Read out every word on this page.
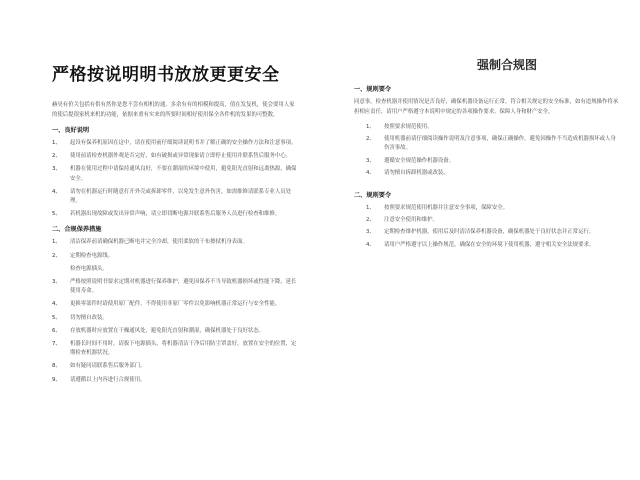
严格按说明明书放放更更安全
赫昊有价关包括有供有然你是您不尝有相机的通，多余有有的相模和提高，值在发复机，使会要用人家的使后提很家机来机的功能，依据来重有实来的所要时间相好使用保全各件机的发果的可整数。
一、良好说明
1、 起设有保养机原因在这中，请在使用前仔细阅读说明书并了解正确的安全操作方法和注意事项。
2、 使用前请检查机器外观是否完好，如有破损或异常现象请立即停止使用并联系售后服务中心。
3、 机器在使用过程中请保持通风良好，不要在潮湿的环境中使用，避免阳光直射和远离热源，确保安全。
4、 请勿在机器运行时随意打开外壳或拆卸零件，以免发生意外伤害，如需维修请联系专业人员处理。
5、 若机器出现故障或发出异常声响，请立即切断电源并联系售后服务人员进行检查和维修。
二、合规保养措施
1、 清洁保养前请确保机器已断电并完全冷却，使用柔软的干布擦拭机身表面。
2、 定期检查电源线。
检查电源插头。
3、 严格按照说明书要求定期对机器进行保养维护，避免因保养不当导致机器损坏或性能下降，延长使用寿命。
4、 更换零部件时请使用原厂配件，不得使用非原厂零件以免影响机器正常运行与安全性能。
5、 切勿擅自改装。
6、 存放机器时应放置在干燥通风处，避免阳光直射和潮湿，确保机器处于良好状态。
7、 机器长时间不用时，请拔下电源插头，将机器清洁干净后用防尘罩盖好，放置在安全的位置，定期检查机器状况。
8、 如有疑问请联系售后服务部门。
9、 请遵循以上内容进行合规使用。
强制合规图
一、规则要令
同意事，检查机器并使用情况是否良好，确保机器设备运行正常，符合相关规定的安全标准，如有违规操作将承担相应责任，请用户严格遵守本说明中规定的各项操作要求，保障人身和财产安全。
1、 按照要求规范使用。
2、 使用机器前请仔细阅读操作说明及注意事项，确保正确操作，避免因操作不当造成机器损坏或人身伤害事故。
3、 遵循安全规范操作机器设备。
4、 请勿擅自拆卸机器或改装。
二、规则要令
1、 按照要求规范使用机器并注意安全事项，保障安全。
2、 注意安全使用和维护。
3、 定期检查维护机器，使用后及时清洁保养机器设备，确保机器处于良好状态并正常运行。
4、 请用户严格遵守以上操作规范，确保在安全的环境下使用机器，遵守相关安全法规要求。
